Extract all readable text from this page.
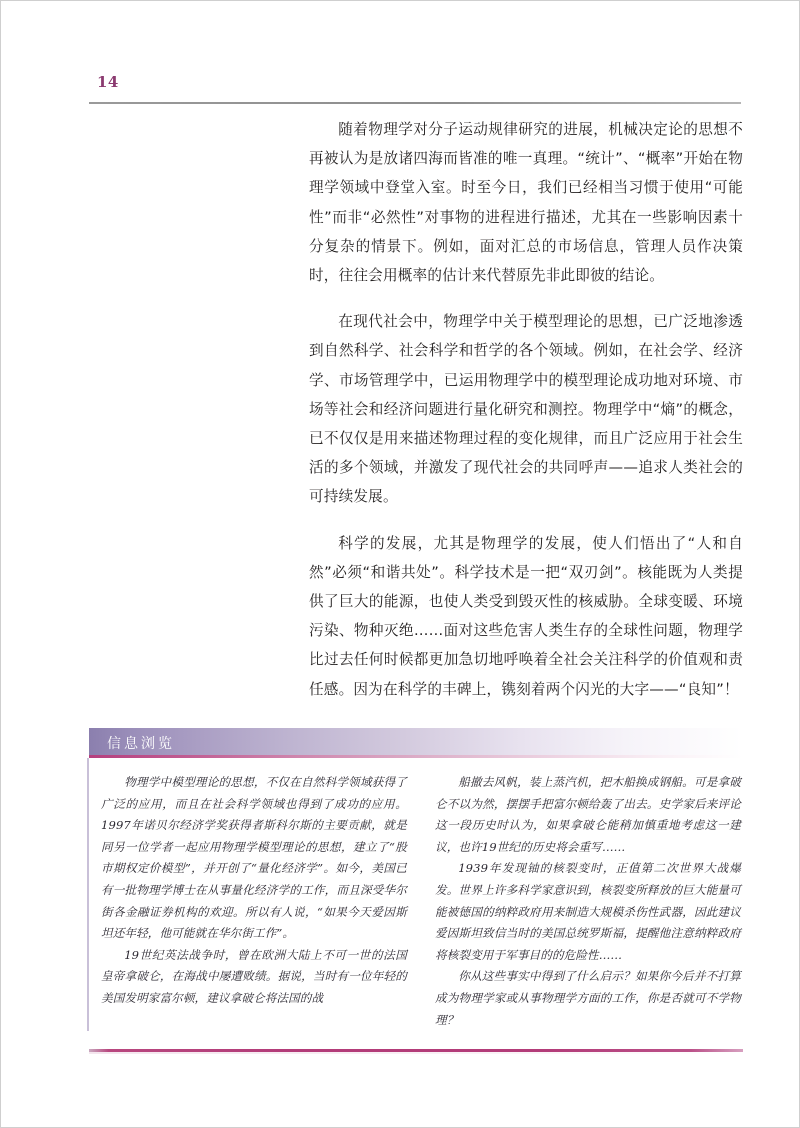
14

随着物理学对分子运动规律研究的进展，机械决定论的思想不再被认为是放诸四海而皆准的唯一真理。“统计”、“概率”开始在物理学领域中登堂入室。时至今日，我们已经相当习惯于使用“可能性”而非“必然性”对事物的进程进行描述，尤其在一些影响因素十分复杂的情景下。例如，面对汇总的市场信息，管理人员作决策时，往往会用概率的估计来代替原先非此即彼的结论。

在现代社会中，物理学中关于模型理论的思想，已广泛地渗透到自然科学、社会科学和哲学的各个领域。例如，在社会学、经济学、市场管理学中，已运用物理学中的模型理论成功地对环境、市场等社会和经济问题进行量化研究和测控。物理学中“熵”的概念，已不仅仅是用来描述物理过程的变化规律，而且广泛应用于社会生活的多个领域，并激发了现代社会的共同呼声——追求人类社会的可持续发展。

科学的发展，尤其是物理学的发展，使人们悟出了“人和自然”必须“和谐共处”。科学技术是一把“双刃剑”。核能既为人类提供了巨大的能源，也使人类受到毁灭性的核威胁。全球变暖、环境污染、物种灭绝……面对这些危害人类生存的全球性问题，物理学比过去任何时候都更加急切地呼唤着全社会关注科学的价值观和责任感。因为在科学的丰碑上，镌刻着两个闪光的大字——“良知”！

信息浏览

物理学中模型理论的思想，不仅在自然科学领域获得了广泛的应用，而且在社会科学领域也得到了成功的应用。1997年诺贝尔经济学奖获得者斯科尔斯的主要贡献，就是同另一位学者一起应用物理学模型理论的思想，建立了“股市期权定价模型”，并开创了“量化经济学”。如今，美国已有一批物理学博士在从事量化经济学的工作，而且深受华尔街各金融证券机构的欢迎。所以有人说，“如果今天爱因斯坦还年轻，他可能就在华尔街工作”。

19世纪英法战争时，曾在欧洲大陆上不可一世的法国皇帝拿破仑，在海战中屡遭败绩。据说，当时有一位年轻的美国发明家富尔顿，建议拿破仑将法国的战

船撤去风帆，装上蒸汽机，把木船换成钢船。可是拿破仑不以为然，摆摆手把富尔顿给轰了出去。史学家后来评论这一段历史时认为，如果拿破仑能稍加慎重地考虑这一建议，也许19世纪的历史将会重写……

1939年发现铀的核裂变时，正值第二次世界大战爆发。世界上许多科学家意识到，核裂变所释放的巨大能量可能被德国的纳粹政府用来制造大规模杀伤性武器，因此建议爱因斯坦致信当时的美国总统罗斯福，提醒他注意纳粹政府将核裂变用于军事目的的危险性……

你从这些事实中得到了什么启示？如果你今后并不打算成为物理学家或从事物理学方面的工作，你是否就可不学物理？
